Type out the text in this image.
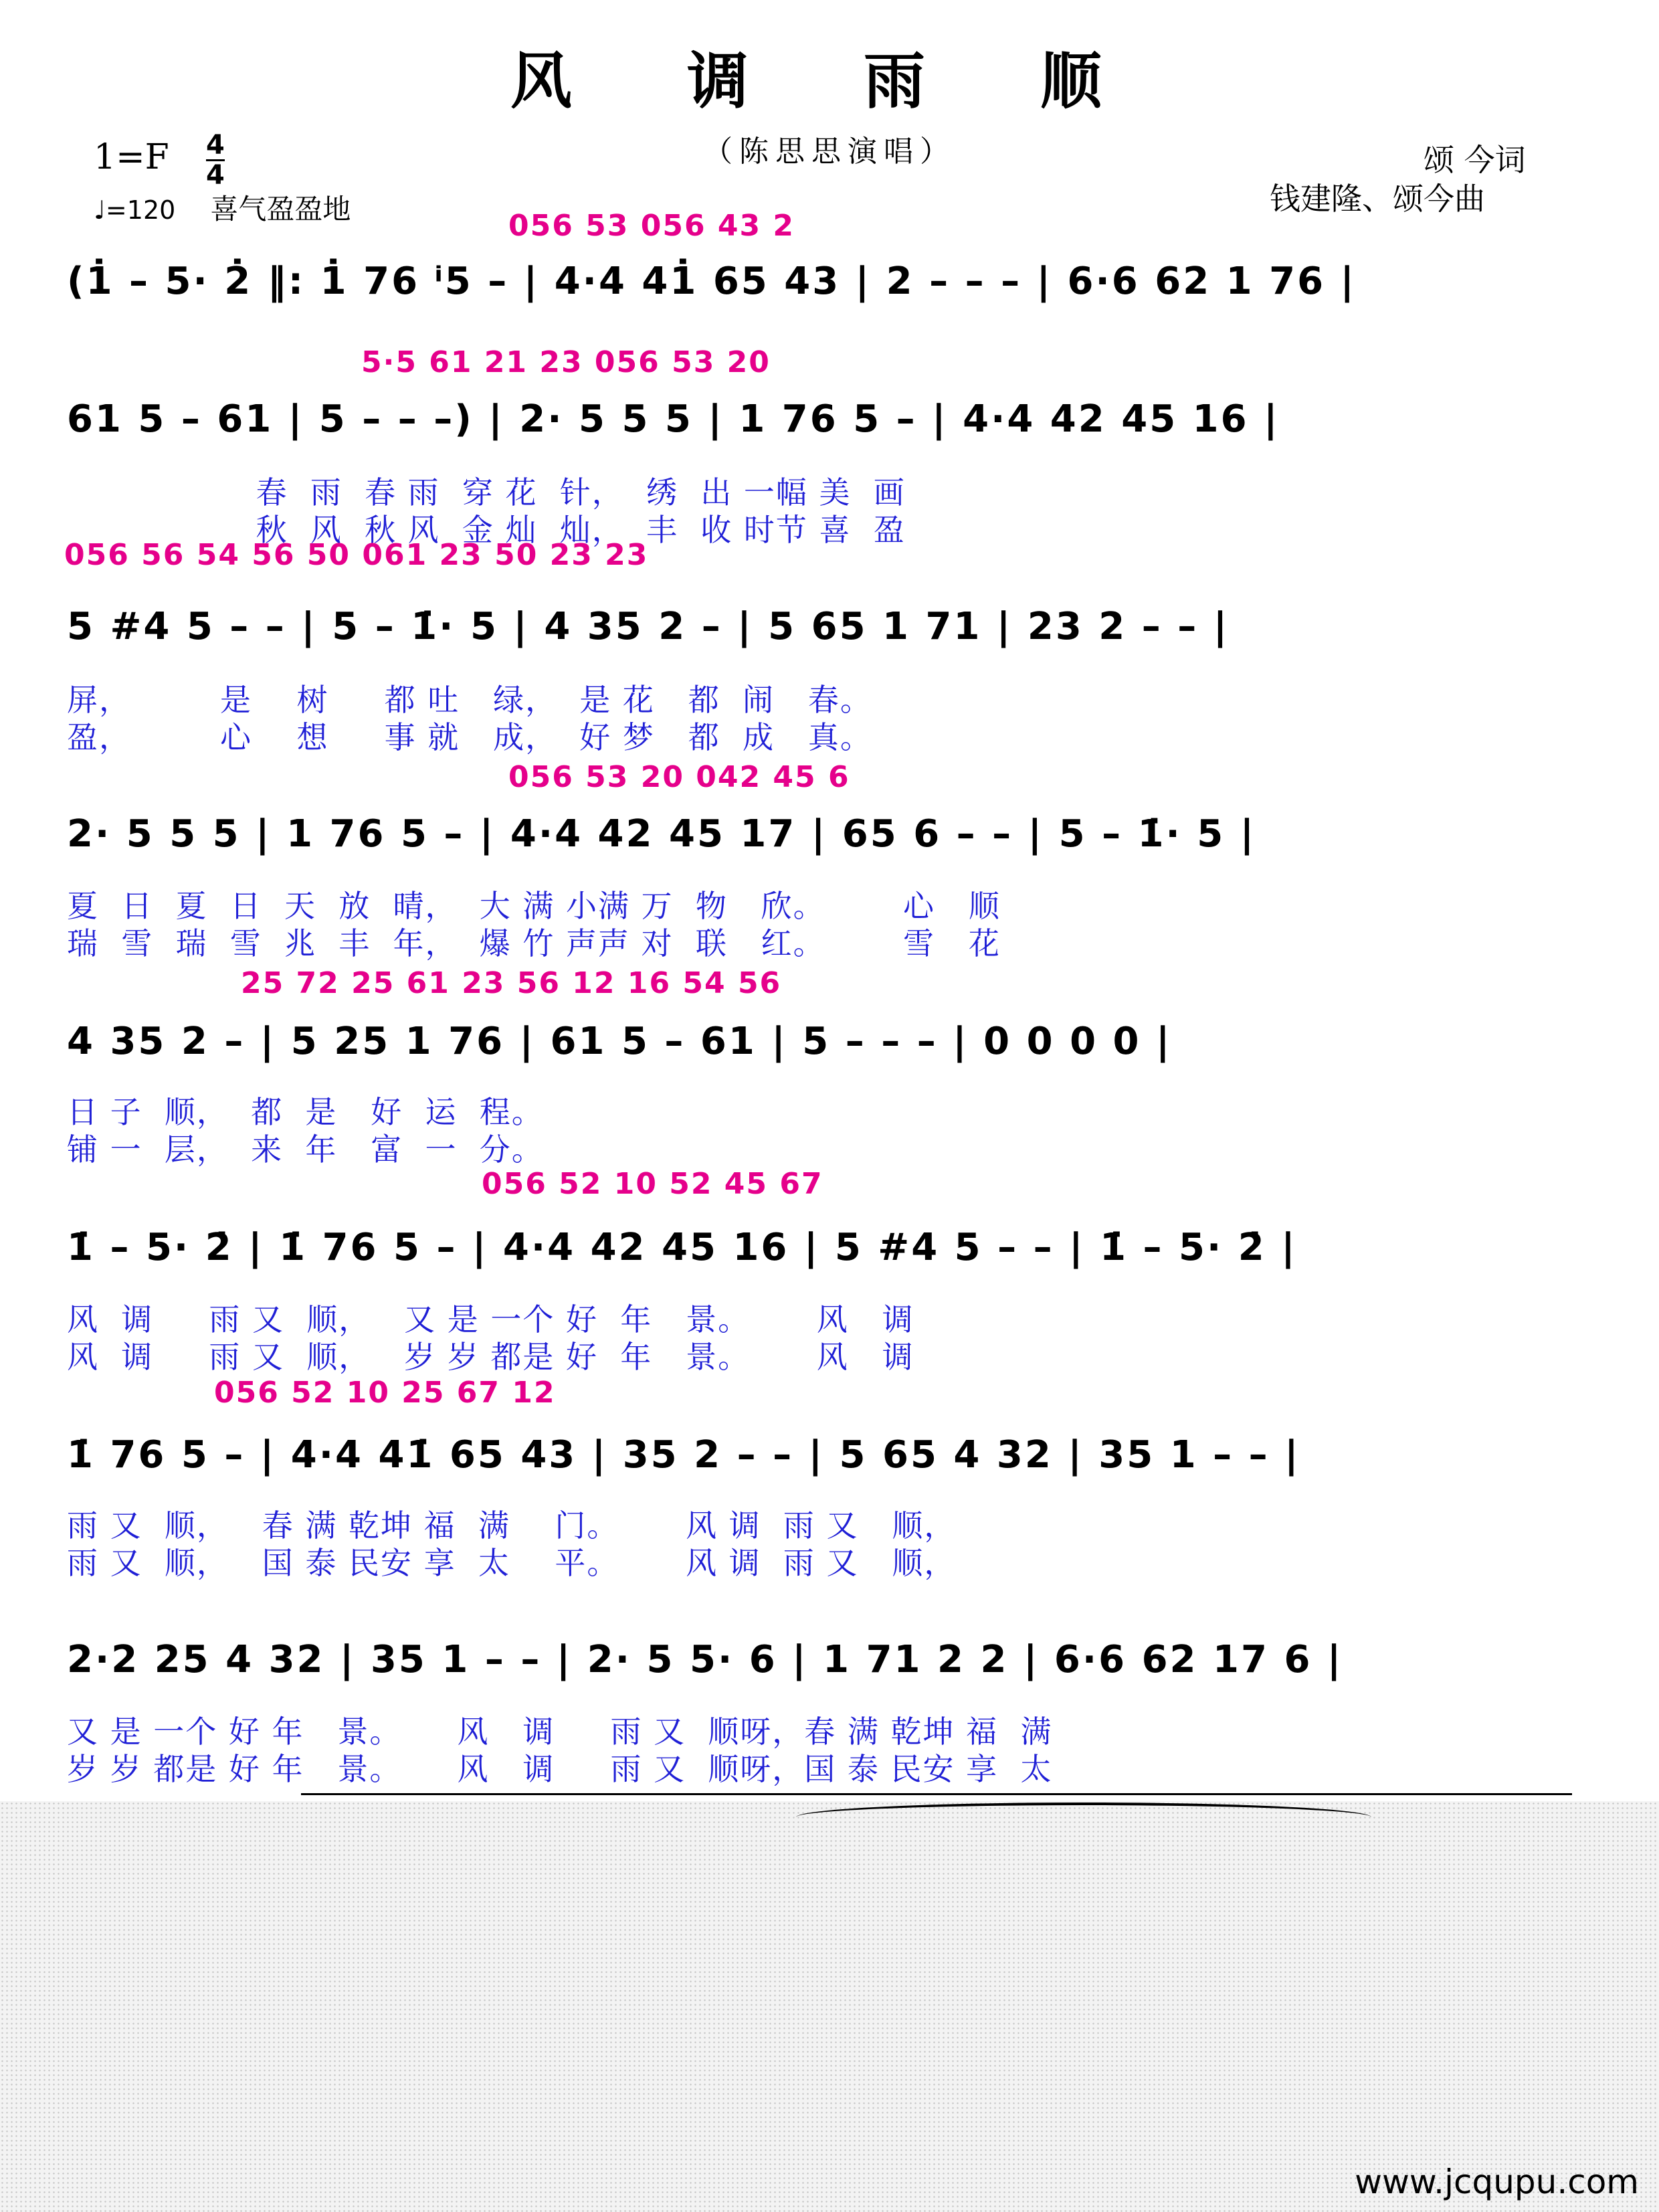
风 调 雨 顺
（陈思思演唱）
$1=F \frac{4}{4}$
♩=120 喜气盈盈地
颂 今词
钱建隆、颂今曲
056 53 056 43 2
(1̇ – 5· 2̇ ‖: 1̇ 76 ⁱ5 – | 4·4 41̇ 65 43 | 2 – – – | 6·6 62 1 76 |
5·5 61 21 23 056 53 20
61 5 – 61 | 5 – – –) | 2· 5 5 5 | 1 76 5 – | 4·4 42 45 16 |
春  雨  春 雨  穿 花  针，  绣  出 一幅 美  画
秋  风  秋 风  金 灿  灿，  丰  收 时节 喜  盈
056 56 54 56 50 061 23 50 23 23
5 #4 5 – – | 5 – 1̇· 5 | 4 35 2 – | 5 65 1 71 | 23 2 – – |
屏，        是    树     都 吐   绿，  是 花   都  闹   春。
盈，        心    想     事 就   成，  好 梦   都  成   真。
056 53 20 042 45 6
2· 5 5 5 | 1 76 5 – | 4·4 42 45 17 | 65 6 – – | 5 – 1̇· 5 |
夏  日  夏  日  天  放  晴，  大 满 小满 万  物   欣。       心   顺
瑞  雪  瑞  雪  兆  丰  年，  爆 竹 声声 对  联   红。       雪   花
25 72 25 61 23 56 12 16 54 56
4 35 2 – | 5 25 1 76 | 61 5 – 61 | 5 – – – | 0 0 0 0 |
日 子  顺，  都  是   好  运  程。
铺 一  层，  来  年   富  一  分。
056 52 10 52 45 67
1̇ – 5· 2̇ | 1̇ 76 5 – | 4·4 42 45 16 | 5 #4 5 – – | 1̇ – 5· 2̇ |
风  调     雨 又  顺，   又 是 一个 好  年   景。      风   调
风  调     雨 又  顺，   岁 岁 都是 好  年   景。      风   调
056 52 10 25 67 12
1̇ 76 5 – | 4·4 41̇ 65 43 | 35 2 – – | 5 65 4 32 | 35 1 – – |
雨 又  顺，   春 满 乾坤 福  满    门。      风 调  雨 又   顺，
雨 又  顺，   国 泰 民安 享  太    平。      风 调  雨 又   顺，
2·2 25 4 32 | 35 1 – – | 2· 5 5· 6 | 1 71 2 2 | 6·6 62 17 6 |
又 是 一个 好 年   景。     风   调     雨 又  顺呀，春 满 乾坤 福  满
岁 岁 都是 好 年   景。     风   调     雨 又  顺呀，国 泰 民安 享  太
www.jcqupu.com
